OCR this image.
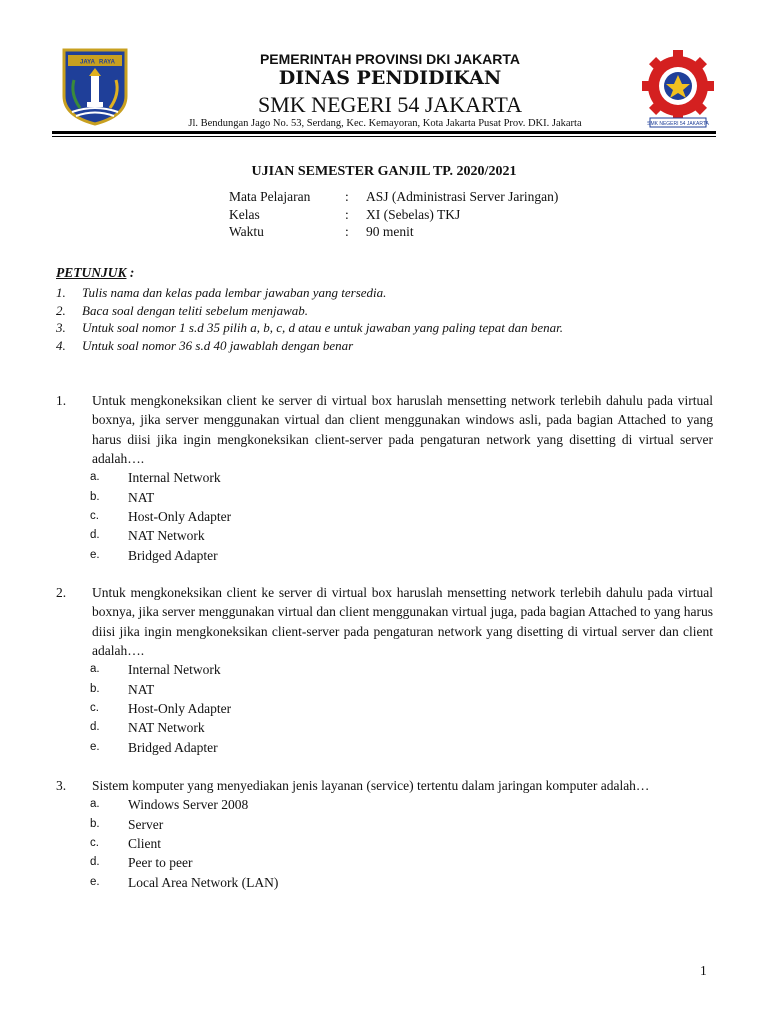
JAYA RAYA	PEMERINTAH PROVINSI DKI JAKARTA
DINAS PENDIDIKAN
SMK NEGERI 54 JAKARTA
Jl. Bendungan Jago No. 53, Serdang, Kec. Kemayoran, Kota Jakarta Pusat Prov. DKI. Jakarta	SMK NEGERI 54 JAKARTA
UJIAN SEMESTER GANJIL TP. 2020/2021
Mata Pelajaran	:	ASJ (Administrasi Server Jaringan)
Kelas	:	XI (Sebelas) TKJ
Waktu	:	90 menit
PETUNJUK :
1.	Tulis nama dan kelas pada lembar jawaban yang tersedia.
2.	Baca soal dengan teliti sebelum menjawab.
3.	Untuk soal nomor 1 s.d 35 pilih a, b, c, d atau e untuk jawaban yang paling tepat dan benar.
4.	Untuk soal nomor 36 s.d 40 jawablah dengan benar
1.	Untuk mengkoneksikan client ke server di virtual box haruslah mensetting network terlebih dahulu pada virtual boxnya, jika server menggunakan virtual dan client menggunakan windows asli, pada bagian Attached to yang harus diisi jika ingin mengkoneksikan client-server pada pengaturan network yang disetting di virtual server adalah….
a.	Internal Network
b.	NAT
c.	Host-Only Adapter
d.	NAT Network
e.	Bridged Adapter
2.	Untuk mengkoneksikan client ke server di virtual box haruslah mensetting network terlebih dahulu pada virtual boxnya, jika server menggunakan virtual dan client menggunakan virtual juga, pada bagian Attached to yang harus diisi jika ingin mengkoneksikan client-server pada pengaturan network yang disetting di virtual server dan client adalah….
a.	Internal Network
b.	NAT
c.	Host-Only Adapter
d.	NAT Network
e.	Bridged Adapter
3.	Sistem komputer yang menyediakan jenis layanan (service) tertentu dalam jaringan komputer adalah…
a.	Windows Server 2008
b.	Server
c.	Client
d.	Peer to peer
e.	Local Area Network (LAN)
1
